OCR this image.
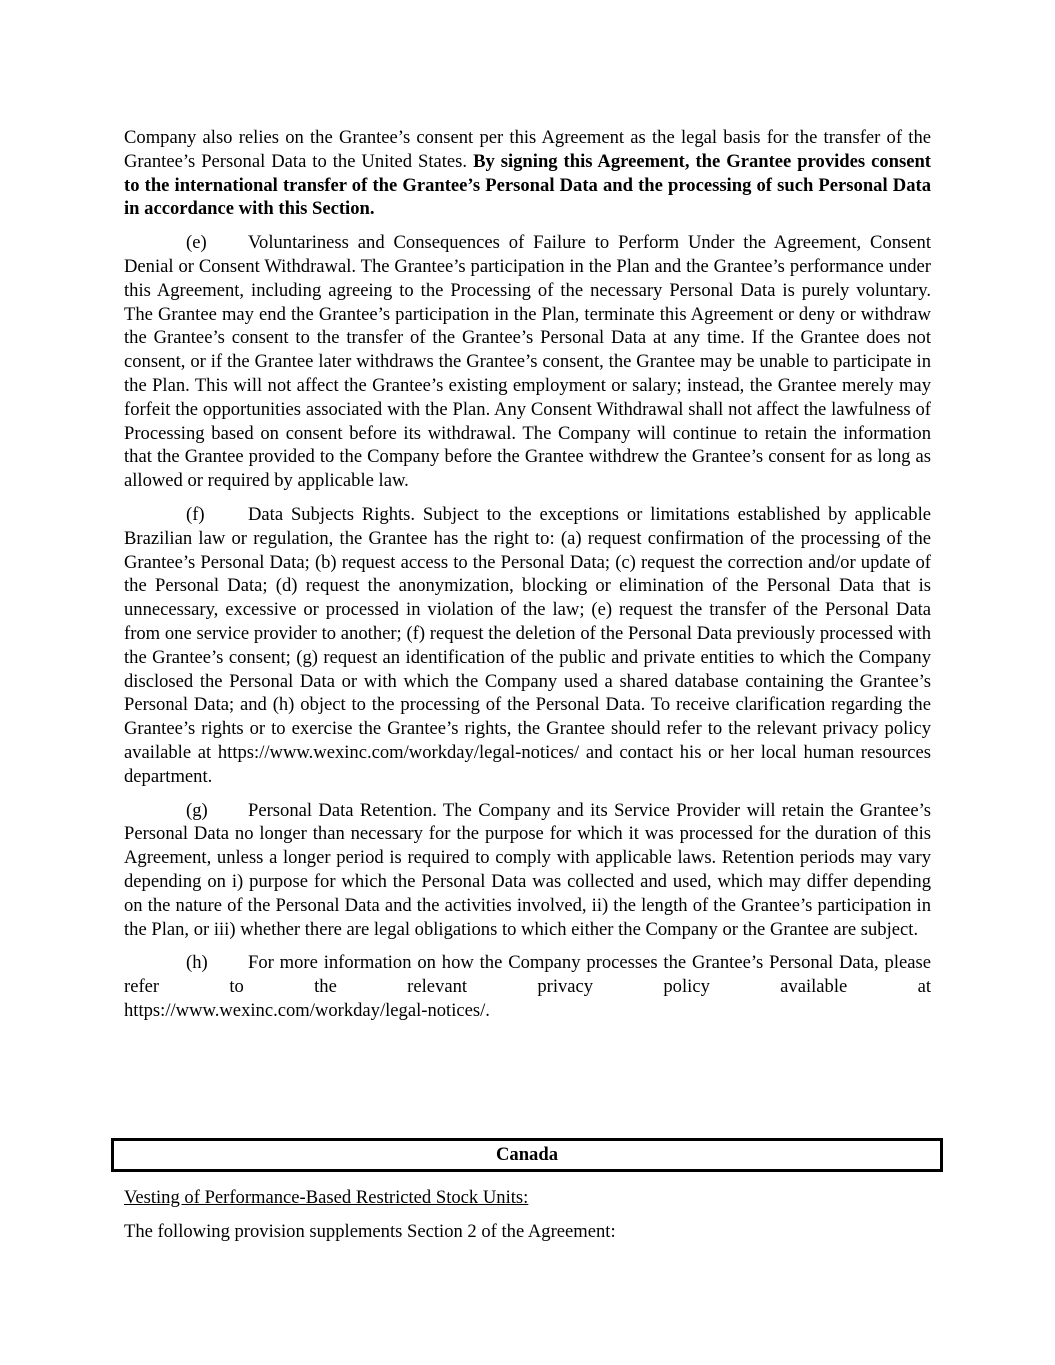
Company also relies on the Grantee’s consent per this Agreement as the legal basis for the transfer of the Grantee’s Personal Data to the United States. By signing this Agreement, the Grantee provides consent to the international transfer of the Grantee’s Personal Data and the processing of such Personal Data in accordance with this Section.

(e) Voluntariness and Consequences of Failure to Perform Under the Agreement, Consent Denial or Consent Withdrawal. The Grantee’s participation in the Plan and the Grantee’s performance under this Agreement, including agreeing to the Processing of the necessary Personal Data is purely voluntary. The Grantee may end the Grantee’s participation in the Plan, terminate this Agreement or deny or withdraw the Grantee’s consent to the transfer of the Grantee’s Personal Data at any time. If the Grantee does not consent, or if the Grantee later withdraws the Grantee’s consent, the Grantee may be unable to participate in the Plan. This will not affect the Grantee’s existing employment or salary; instead, the Grantee merely may forfeit the opportunities associated with the Plan. Any Consent Withdrawal shall not affect the lawfulness of Processing based on consent before its withdrawal. The Company will continue to retain the information that the Grantee provided to the Company before the Grantee withdrew the Grantee’s consent for as long as allowed or required by applicable law.

(f) Data Subjects Rights. Subject to the exceptions or limitations established by applicable Brazilian law or regulation, the Grantee has the right to: (a) request confirmation of the processing of the Grantee’s Personal Data; (b) request access to the Personal Data; (c) request the correction and/or update of the Personal Data; (d) request the anonymization, blocking or elimination of the Personal Data that is unnecessary, excessive or processed in violation of the law; (e) request the transfer of the Personal Data from one service provider to another; (f) request the deletion of the Personal Data previously processed with the Grantee’s consent; (g) request an identification of the public and private entities to which the Company disclosed the Personal Data or with which the Company used a shared database containing the Grantee’s Personal Data; and (h) object to the processing of the Personal Data. To receive clarification regarding the Grantee’s rights or to exercise the Grantee’s rights, the Grantee should refer to the relevant privacy policy available at https://www.wexinc.com/workday/legal-notices/ and contact his or her local human resources department.

(g) Personal Data Retention. The Company and its Service Provider will retain the Grantee’s Personal Data no longer than necessary for the purpose for which it was processed for the duration of this Agreement, unless a longer period is required to comply with applicable laws. Retention periods may vary depending on i) purpose for which the Personal Data was collected and used, which may differ depending on the nature of the Personal Data and the activities involved, ii) the length of the Grantee’s participation in the Plan, or iii) whether there are legal obligations to which either the Company or the Grantee are subject.

(h) For more information on how the Company processes the Grantee’s Personal Data, please refer to the relevant privacy policy available at

https://www.wexinc.com/workday/legal-notices/.

Canada

Vesting of Performance-Based Restricted Stock Units:

The following provision supplements Section 2 of the Agreement:
